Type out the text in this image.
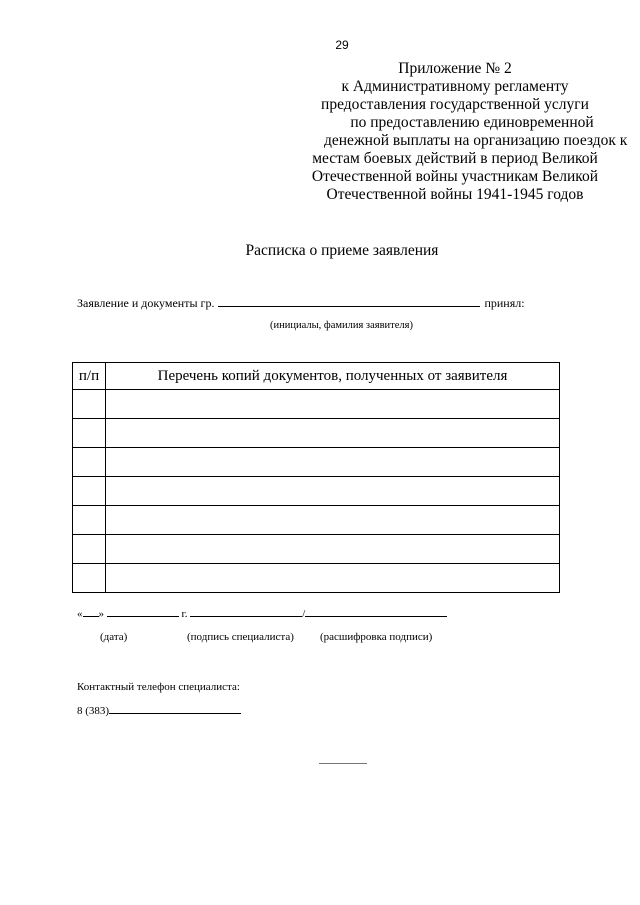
29
Приложение № 2
к Административному регламенту
предоставления государственной услуги
по предоставлению единовременной
денежной выплаты на организацию поездок к
местам боевых действий в период Великой
Отечественной войны участникам Великой
Отечественной войны 1941-1945 годов
Расписка о приеме заявления
Заявление и документы гр.	принял:
(инициалы, фамилия заявителя)
п/п	Перечень копий документов, полученных от заявителя

« »	г.	/
(дата)	(подпись специалиста) (расшифровка подписи)
Контактный телефон специалиста:
8 (383)
